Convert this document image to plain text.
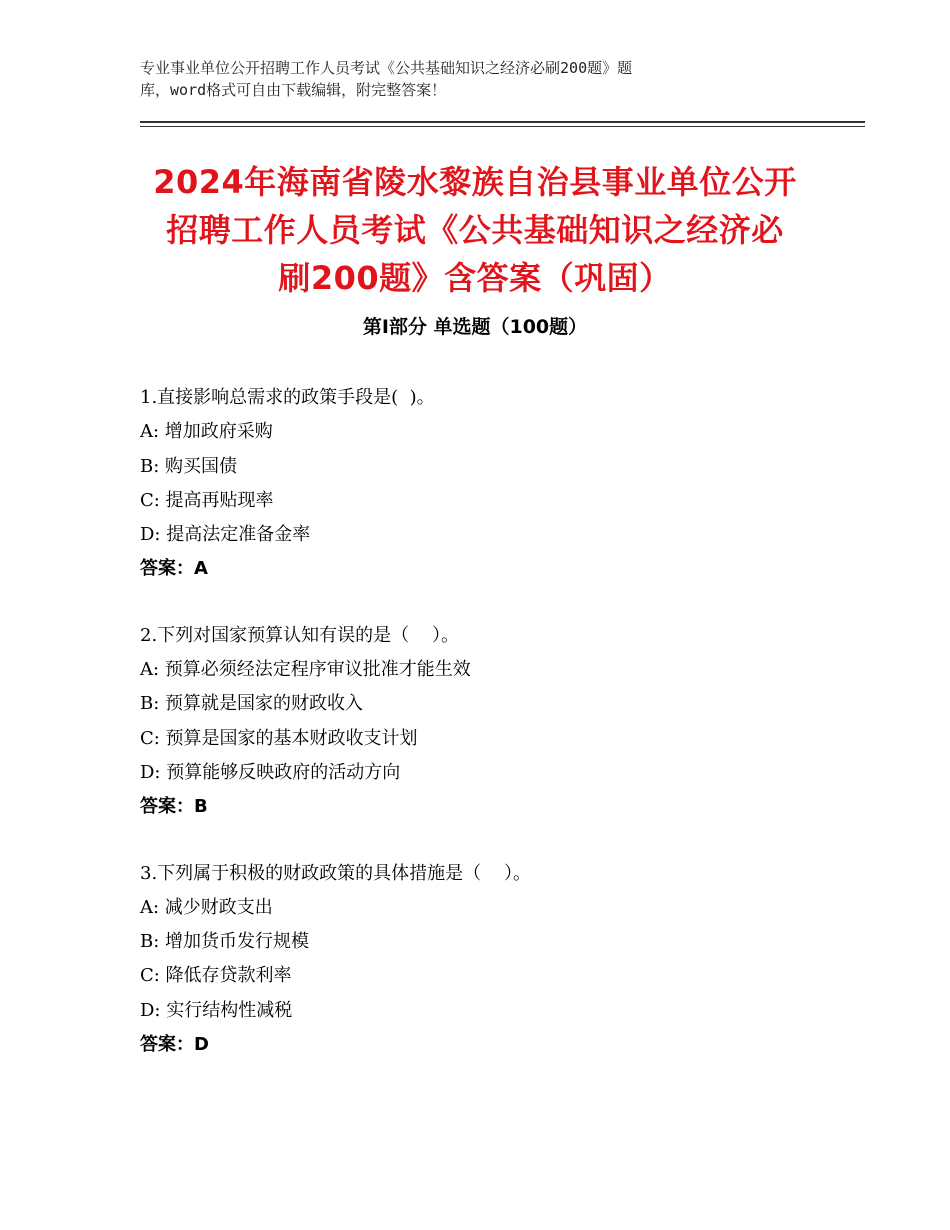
专业事业单位公开招聘工作人员考试《公共基础知识之经济必刷200题》题
库，word格式可自由下载编辑，附完整答案！
2024年海南省陵水黎族自治县事业单位公开
招聘工作人员考试《公共基础知识之经济必
刷200题》含答案（巩固）
第Ⅰ部分 单选题（100题）
1.直接影响总需求的政策手段是(  )。
A: 增加政府采购
B: 购买国债
C: 提高再贴现率
D: 提高法定准备金率
答案：A
2.下列对国家预算认知有误的是（    ）。
A: 预算必须经法定程序审议批准才能生效
B: 预算就是国家的财政收入
C: 预算是国家的基本财政收支计划
D: 预算能够反映政府的活动方向
答案：B
3.下列属于积极的财政政策的具体措施是（    ）。
A: 减少财政支出
B: 增加货币发行规模
C: 降低存贷款利率
D: 实行结构性减税
答案：D
